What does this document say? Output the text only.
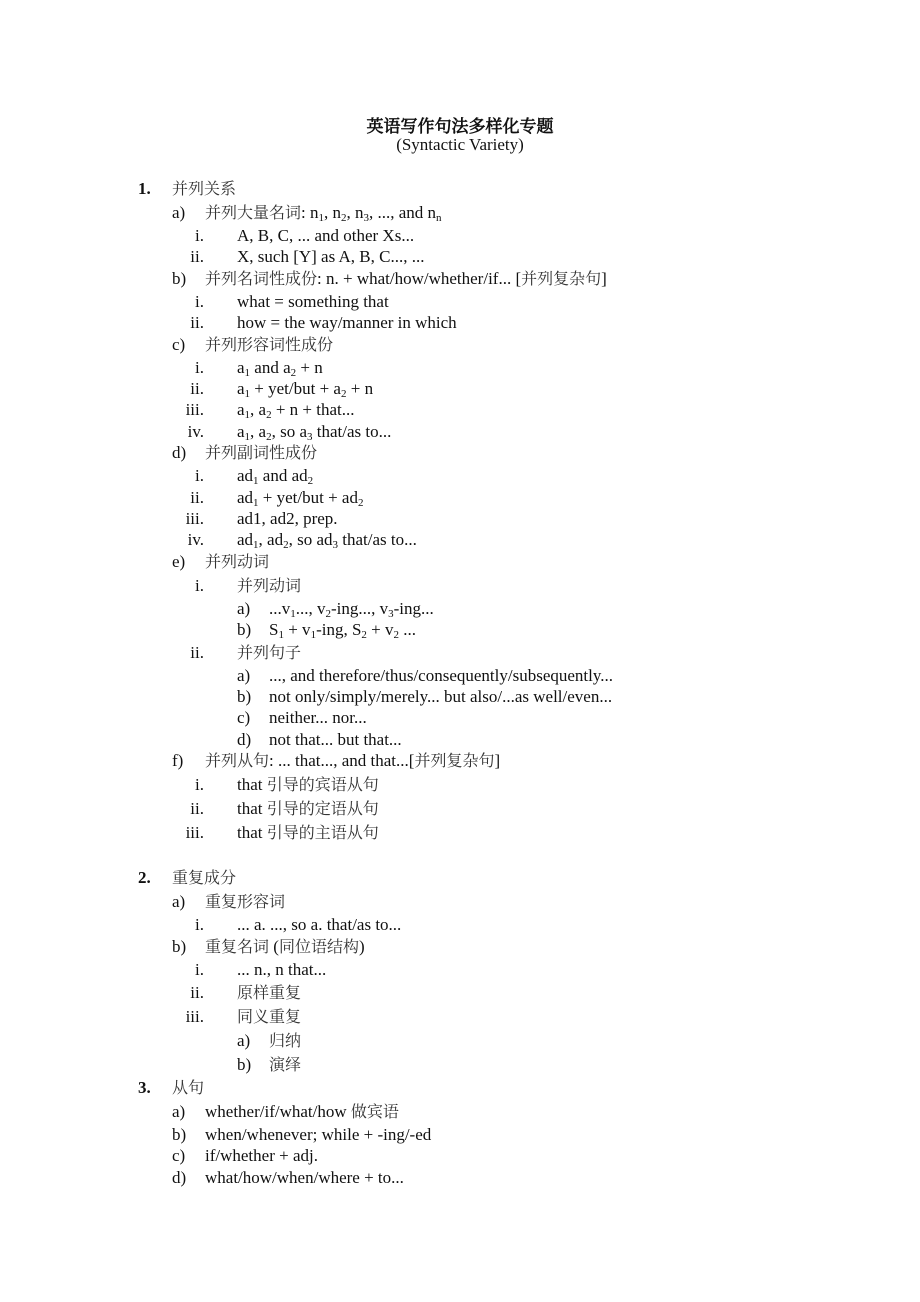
英语写作句法多样化专题
(Syntactic Variety)
1. 并列关系
a) 并列大量名词: $n_1$, $n_2$, $n_3$, ..., and $n_n$
i. A, B, C, ... and other Xs...
ii. X, such [Y] as A, B, C..., ...
b) 并列名词性成份: n. + what/how/whether/if... [并列复杂句]
i. what = something that
ii. how = the way/manner in which
c) 并列形容词性成份
i. $a_1$ and $a_2 + n$
ii. $a_1 + yet/but + a_2 + n$
iii. $a_1$, $a_2 + n$ + that...
iv. $a_1$, $a_2$, so $a_3$ that/as to...
d) 并列副词性成份
i. $ad_1$ and $ad_2$
ii. $ad_1 + yet/but + ad_2$
iii. ad1, ad2, prep.
iv. $ad_1$, $ad_2$, so $ad_3$ that/as to...
e) 并列动词
i. 并列动词
a) $...v_1$..., $v_2$-ing..., $v_3$-ing...
b) $S_1 + v_1-ing$, $S_2 + v_2$ ...
ii. 并列句子
a) ..., and therefore/thus/consequently/subsequently...
b) not only/simply/merely... but also/...as well/even...
c) neither... nor...
d) not that... but that...
f) 并列从句: ... that..., and that...[并列复杂句]
i. that 引导的宾语从句
ii. that 引导的定语从句
iii. that 引导的主语从句
2. 重复成分
a) 重复形容词
i. ... a. ..., so a. that/as to...
b) 重复名词 (同位语结构)
i. ... n., n that...
ii. 原样重复
iii. 同义重复
a) 归纳
b) 演绎
3. 从句
a) whether/if/what/how 做宾语
b) when/whenever; while + -ing/-ed
c) if/whether + adj.
d) what/how/when/where + to...
